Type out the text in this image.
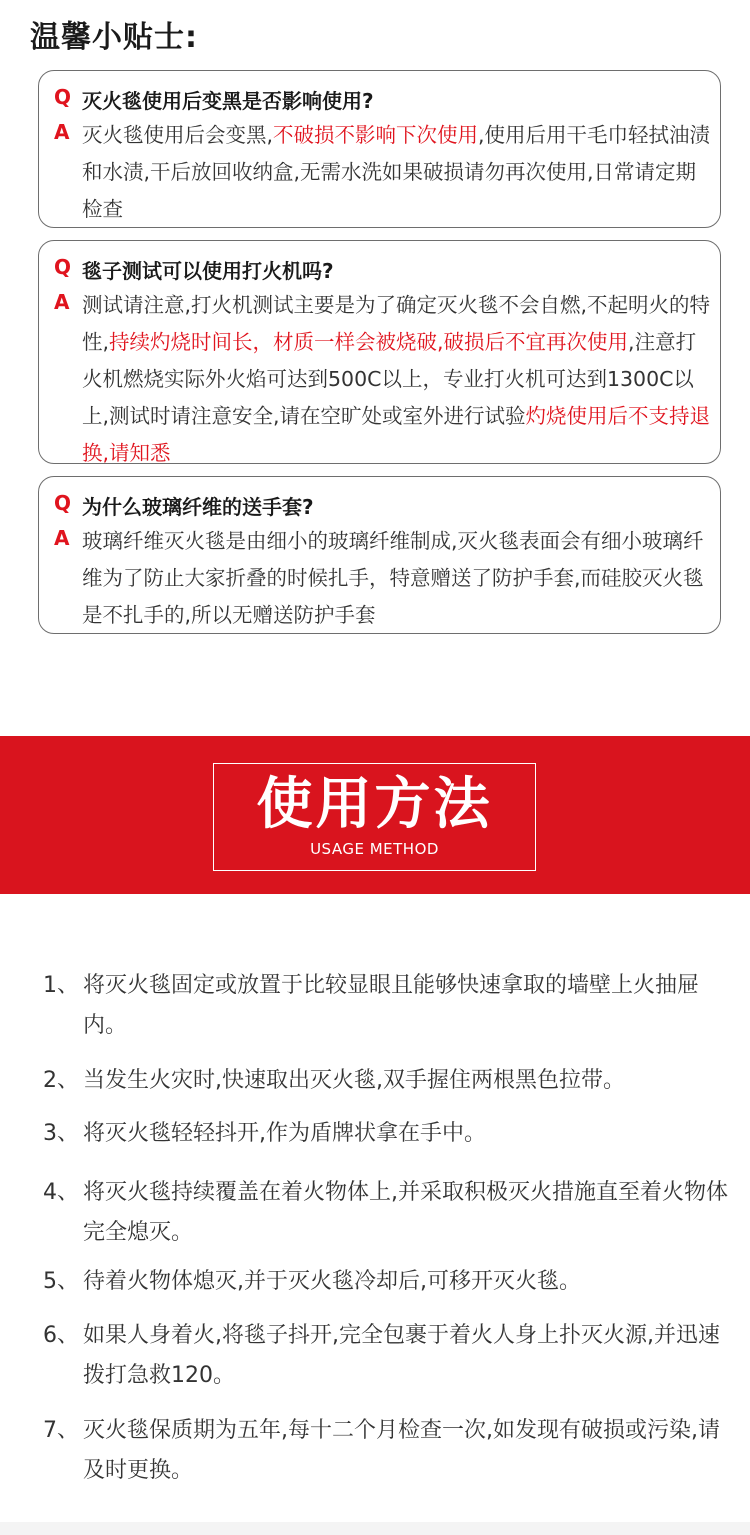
温馨小贴士:
Q 灭火毯使用后变黑是否影响使用?
A 灭火毯使用后会变黑,不破损不影响下次使用,使用后用干毛巾轻拭油渍和水渍,干后放回收纳盒,无需水洗如果破损请勿再次使用,日常请定期检查
Q 毯子测试可以使用打火机吗?
A 测试请注意,打火机测试主要是为了确定灭火毯不会自燃,不起明火的特性,持续灼烧时间长，材质一样会被烧破,破损后不宜再次使用,注意打火机燃烧实际外火焰可达到500C以上，专业打火机可达到1300C以上,测试时请注意安全,请在空旷处或室外进行试验灼烧使用后不支持退换,请知悉
Q 为什么玻璃纤维的送手套?
A 玻璃纤维灭火毯是由细小的玻璃纤维制成,灭火毯表面会有细小玻璃纤维为了防止大家折叠的时候扎手，特意赠送了防护手套,而硅胶灭火毯是不扎手的,所以无赠送防护手套
使用方法
USAGE METHOD
1、 将灭火毯固定或放置于比较显眼且能够快速拿取的墙壁上火抽屉内。
2、 当发生火灾时,快速取出灭火毯,双手握住两根黑色拉带。
3、 将灭火毯轻轻抖开,作为盾牌状拿在手中。
4、 将灭火毯持续覆盖在着火物体上,并采取积极灭火措施直至着火物体完全熄灭。
5、 待着火物体熄灭,并于灭火毯冷却后,可移开灭火毯。
6、 如果人身着火,将毯子抖开,完全包裹于着火人身上扑灭火源,并迅速拨打急救120。
7、 灭火毯保质期为五年,每十二个月检查一次,如发现有破损或污染,请及时更换。
